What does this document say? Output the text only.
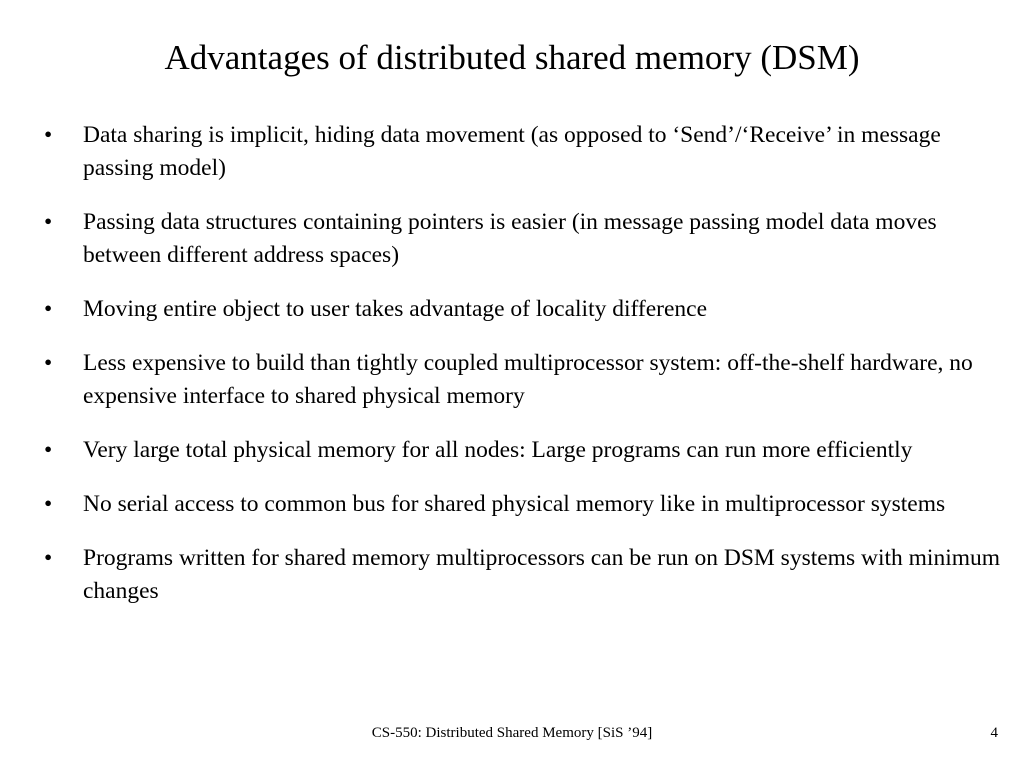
Advantages of distributed shared memory (DSM)
•	Data sharing is implicit, hiding data movement (as opposed to ‘Send’/‘Receive’ in message passing model)
•	Passing data structures containing pointers is easier (in message passing model data moves between different address spaces)
•	Moving entire object to user takes advantage of locality difference
•	Less expensive to build than tightly coupled multiprocessor system: off-the-shelf hardware, no expensive interface to shared physical memory
•	Very large total physical memory for all nodes: Large programs can run more efficiently
•	No serial access to common bus for shared physical memory like in multiprocessor systems
•	Programs written for shared memory multiprocessors can be run on DSM systems with minimum changes
CS-550: Distributed Shared Memory [SiS ’94]	4
